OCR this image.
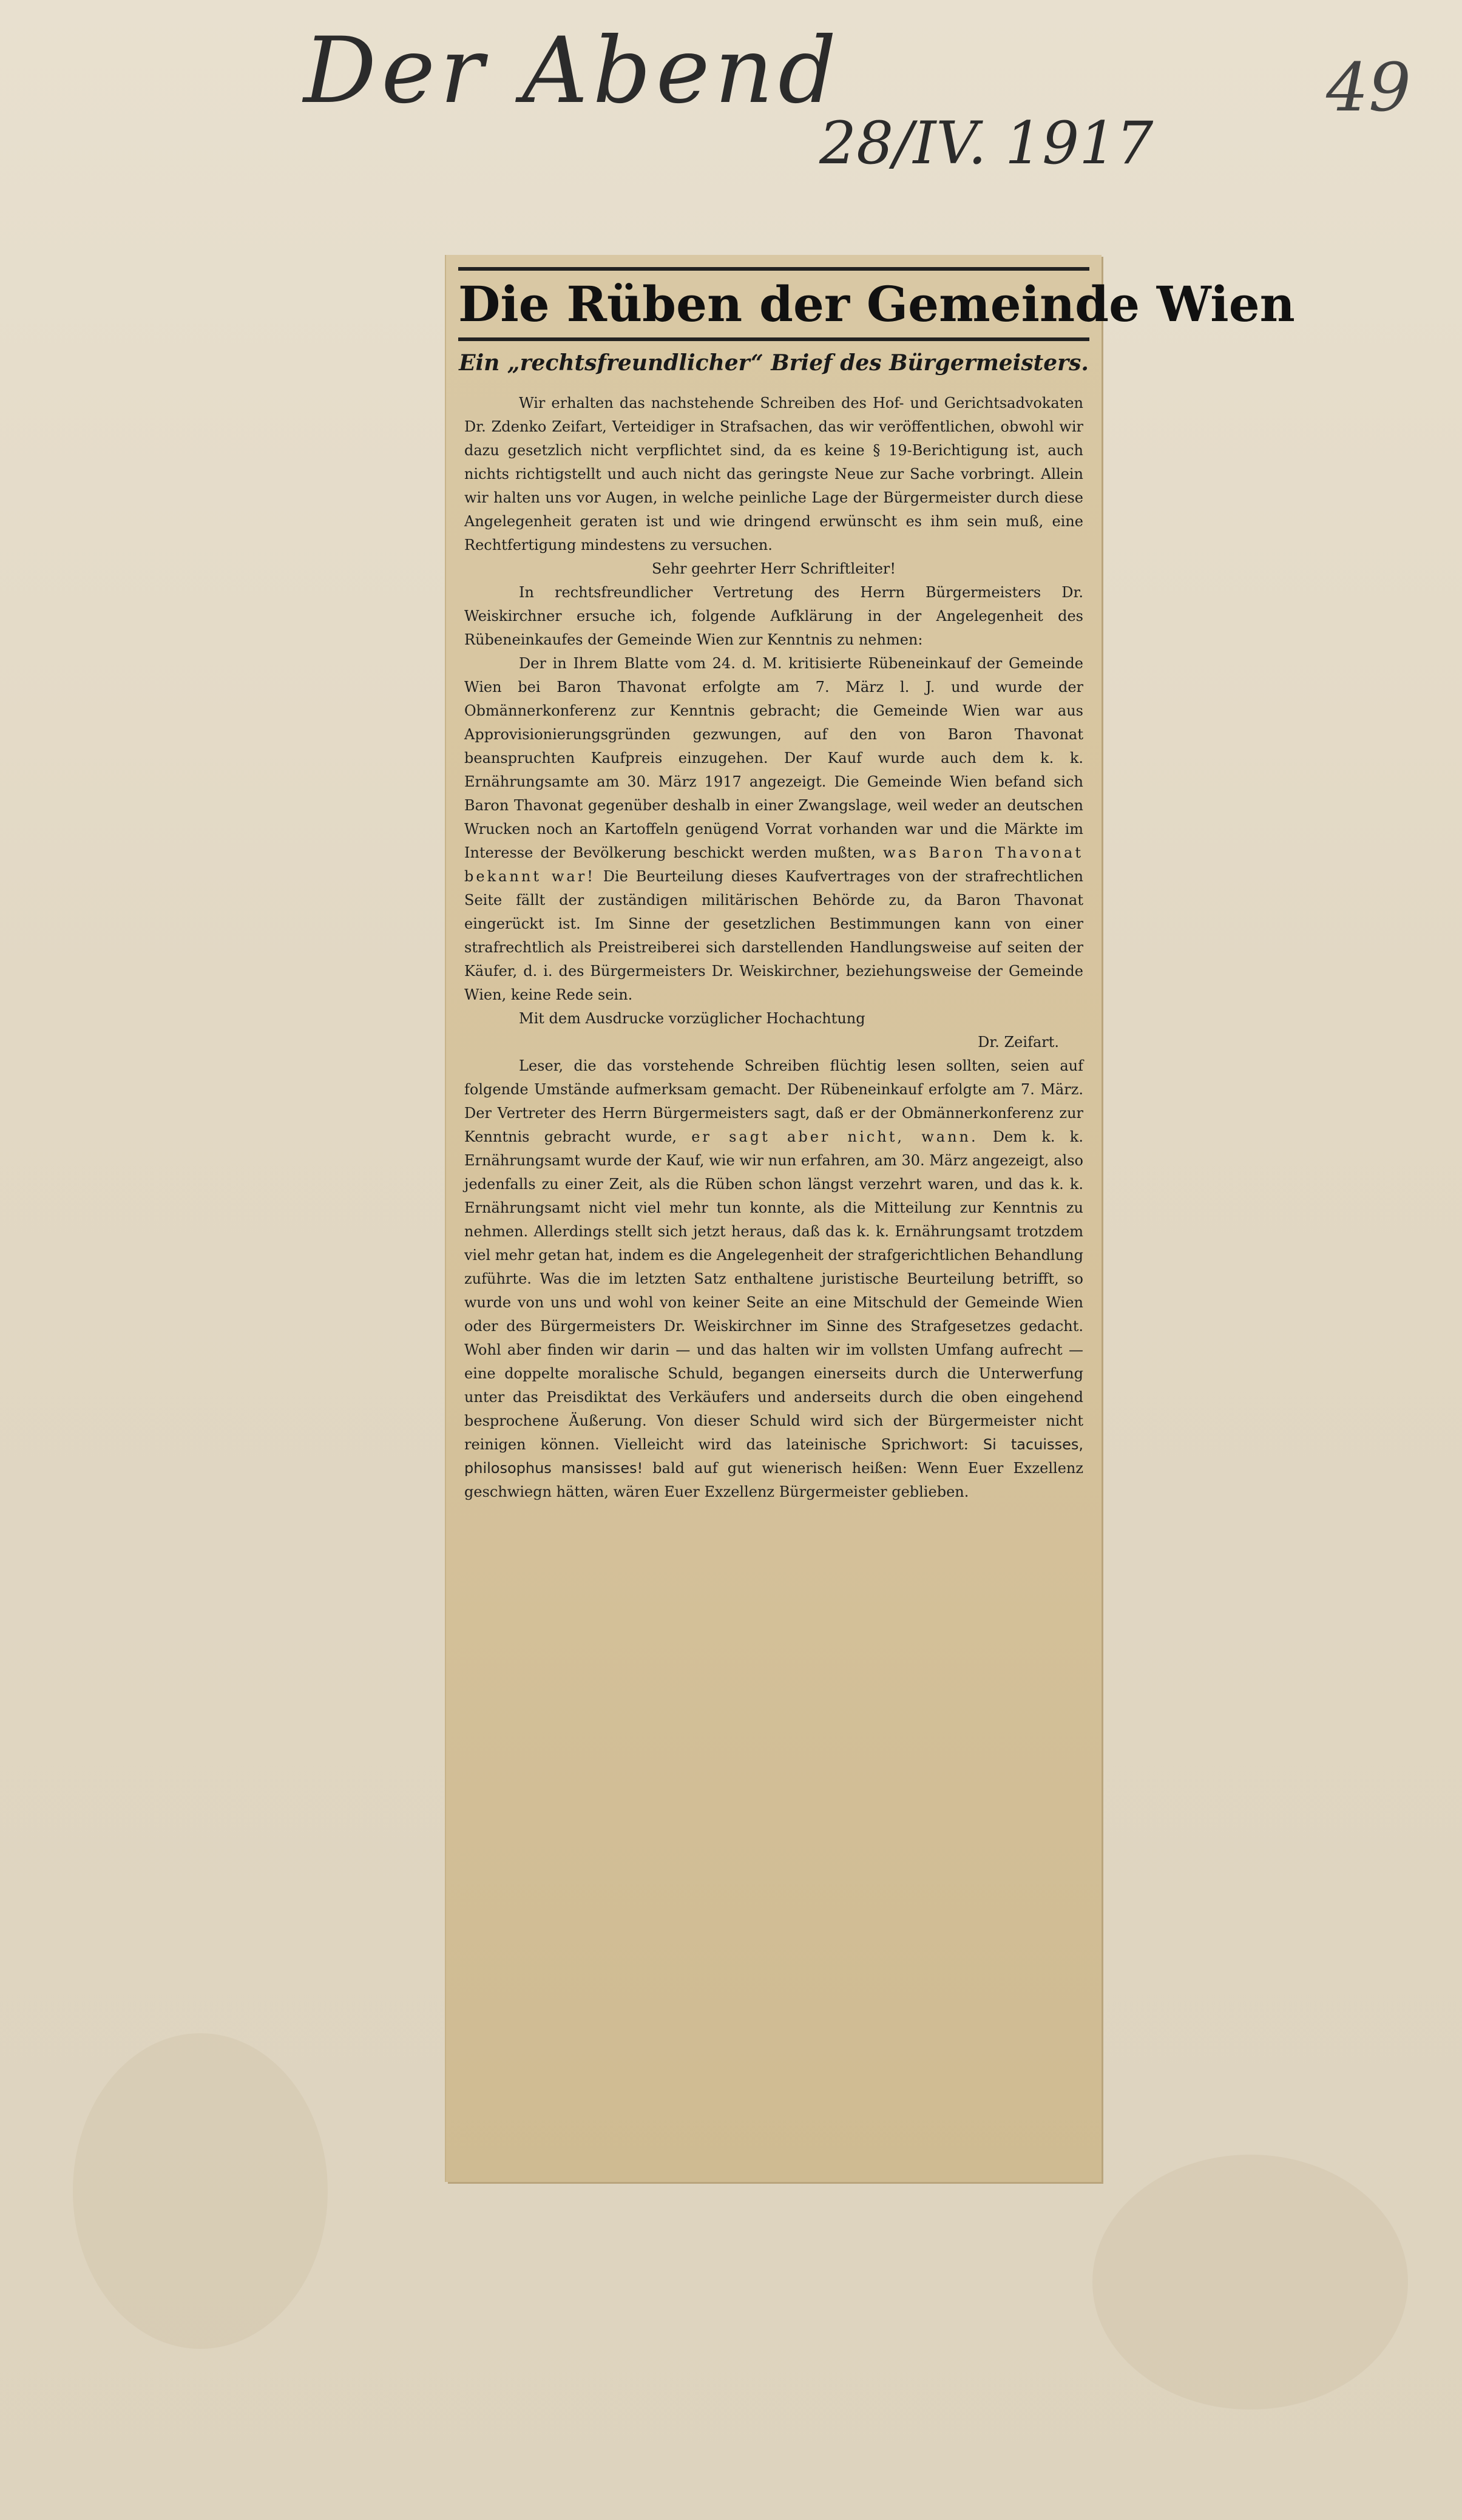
Der Abend
28/IV. 1917
49
Die Rüben der Gemeinde Wien
Ein „rechtsfreundlicher“ Brief des Bürgermeisters.

Wir erhalten das nachstehende Schreiben des Hof- und Gerichtsadvokaten Dr. Zdenko Zeifart, Verteidiger in Strafsachen, das wir veröffentlichen, obwohl wir dazu gesetzlich nicht verpflichtet sind, da es keine § 19-Berichtigung ist, auch nichts richtigstellt und auch nicht das geringste Neue zur Sache vorbringt. Allein wir halten uns vor Augen, in welche peinliche Lage der Bürgermeister durch diese Angelegenheit geraten ist und wie dringend erwünscht es ihm sein muß, eine Rechtfertigung mindestens zu versuchen.

Sehr geehrter Herr Schriftleiter!

In rechtsfreundlicher Vertretung des Herrn Bürgermeisters Dr. Weiskirchner ersuche ich, folgende Aufklärung in der Angelegenheit des Rübeneinkaufes der Gemeinde Wien zur Kenntnis zu nehmen:

Der in Ihrem Blatte vom 24. d. M. kritisierte Rübeneinkauf der Gemeinde Wien bei Baron Thavonat erfolgte am 7. März l. J. und wurde der Obmännerkonferenz zur Kenntnis gebracht; die Gemeinde Wien war aus Approvisionierungsgründen gezwungen, auf den von Baron Thavonat beanspruchten Kaufpreis einzugehen. Der Kauf wurde auch dem k. k. Ernährungsamte am 30. März 1917 angezeigt. Die Gemeinde Wien befand sich Baron Thavonat gegenüber deshalb in einer Zwangslage, weil weder an deutschen Wrucken noch an Kartoffeln genügend Vorrat vorhanden war und die Märkte im Interesse der Bevölkerung beschickt werden mußten, was Baron Thavonat bekannt war! Die Beurteilung dieses Kaufvertrages von der strafrechtlichen Seite fällt der zuständigen militärischen Behörde zu, da Baron Thavonat eingerückt ist. Im Sinne der gesetzlichen Bestimmungen kann von einer strafrechtlich als Preistreiberei sich darstellenden Handlungsweise auf seiten der Käufer, d. i. des Bürgermeisters Dr. Weiskirchner, beziehungsweise der Gemeinde Wien, keine Rede sein.

Mit dem Ausdrucke vorzüglicher Hochachtung

Dr. Zeifart.

Leser, die das vorstehende Schreiben flüchtig lesen sollten, seien auf folgende Umstände aufmerksam gemacht. Der Rübeneinkauf erfolgte am 7. März. Der Vertreter des Herrn Bürgermeisters sagt, daß er der Obmännerkonferenz zur Kenntnis gebracht wurde, er sagt aber nicht, wann. Dem k. k. Ernährungsamt wurde der Kauf, wie wir nun erfahren, am 30. März angezeigt, also jedenfalls zu einer Zeit, als die Rüben schon längst verzehrt waren, und das k. k. Ernährungsamt nicht viel mehr tun konnte, als die Mitteilung zur Kenntnis zu nehmen. Allerdings stellt sich jetzt heraus, daß das k. k. Ernährungsamt trotzdem viel mehr getan hat, indem es die Angelegenheit der strafgerichtlichen Behandlung zuführte. Was die im letzten Satz enthaltene juristische Beurteilung betrifft, so wurde von uns und wohl von keiner Seite an eine Mitschuld der Gemeinde Wien oder des Bürgermeisters Dr. Weiskirchner im Sinne des Strafgesetzes gedacht. Wohl aber finden wir darin — und das halten wir im vollsten Umfang aufrecht — eine doppelte moralische Schuld, begangen einerseits durch die Unterwerfung unter das Preisdiktat des Verkäufers und anderseits durch die oben eingehend besprochene Äußerung. Von dieser Schuld wird sich der Bürgermeister nicht reinigen können. Vielleicht wird das lateinische Sprichwort: Si tacuisses, philosophus mansisses! bald auf gut wienerisch heißen: Wenn Euer Exzellenz geschwiegn hätten, wären Euer Exzellenz Bürgermeister geblieben.
